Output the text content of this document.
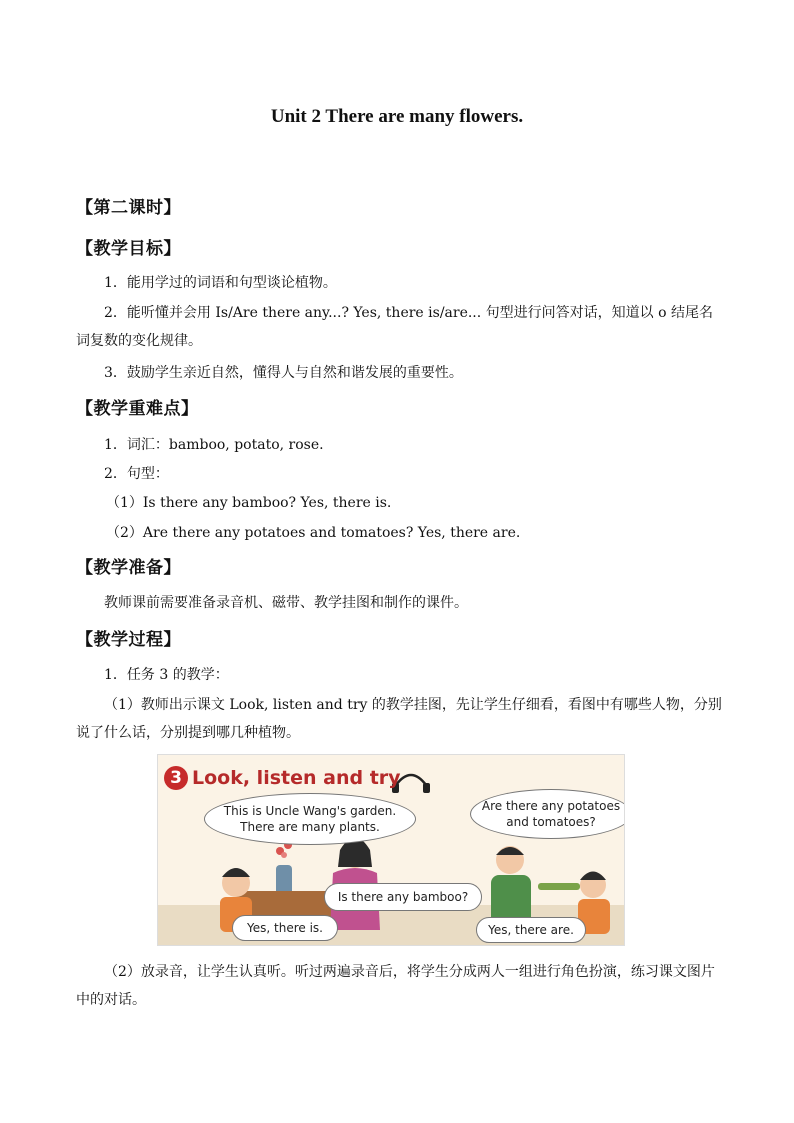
Unit 2 There are many flowers.
【第二课时】
【教学目标】
1．能用学过的词语和句型谈论植物。
2．能听懂并会用 Is/Are there any...? Yes, there is/are... 句型进行问答对话，知道以 o 结尾名词复数的变化规律。
3．鼓励学生亲近自然，懂得人与自然和谐发展的重要性。
【教学重难点】
1．词汇：bamboo, potato, rose.
2．句型：
（1）Is there any bamboo? Yes, there is.
（2）Are there any potatoes and tomatoes? Yes, there are.
【教学准备】
教师课前需要准备录音机、磁带、教学挂图和制作的课件。
【教学过程】
1．任务 3 的教学：
（1）教师出示课文 Look, listen and try 的教学挂图，先让学生仔细看，看图中有哪些人物，分别说了什么话，分别提到哪几种植物。
3 Look, listen and try
This is Uncle Wang's garden.
There are many plants.
Are there any potatoes
and tomatoes?
Is there any bamboo?
Yes, there is.	Yes, there are.
（2）放录音，让学生认真听。听过两遍录音后，将学生分成两人一组进行角色扮演，练习课文图片中的对话。
